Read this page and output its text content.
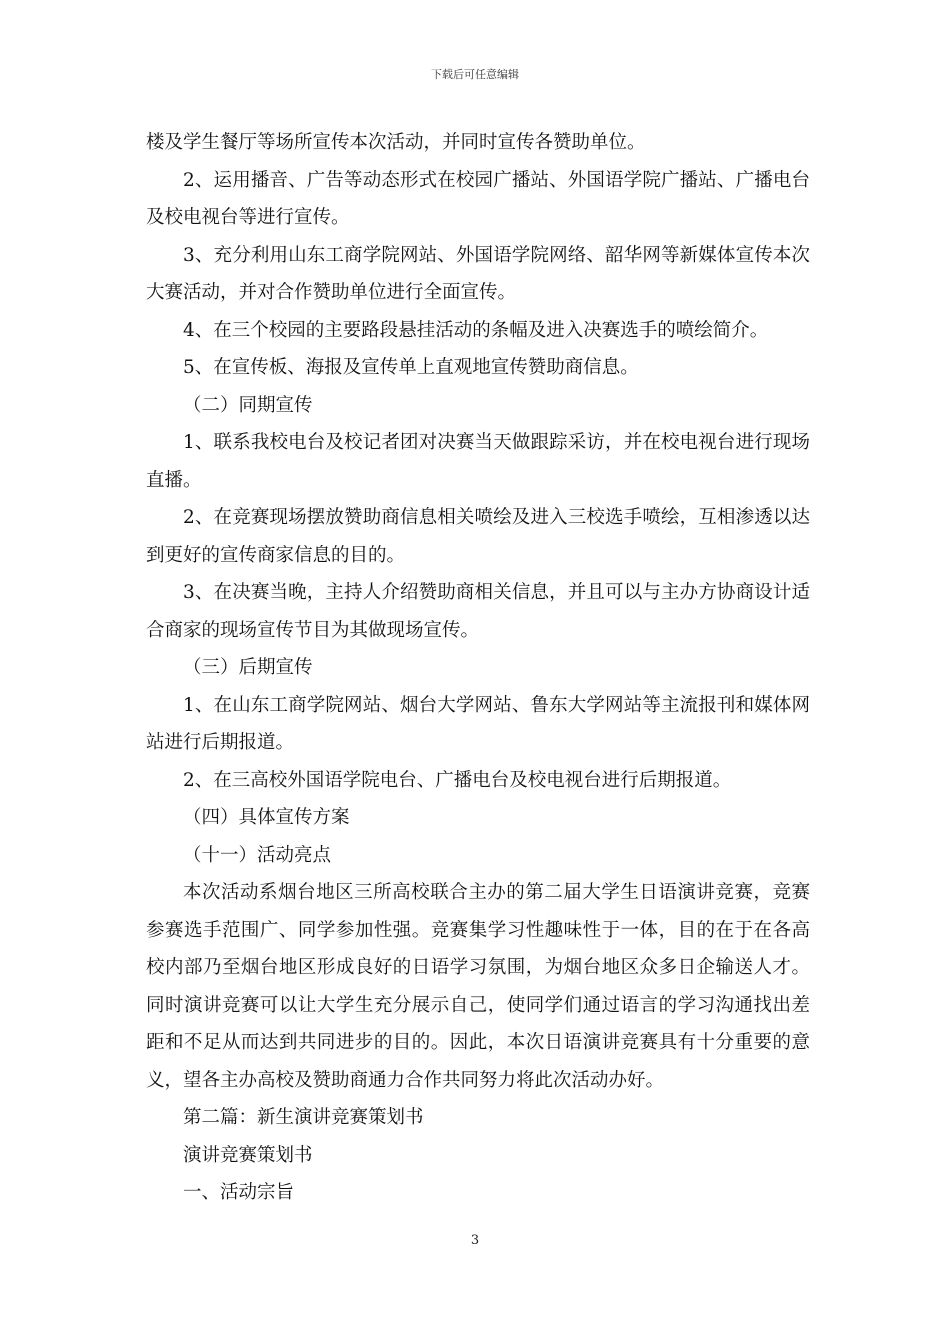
下载后可任意编辑

楼及学生餐厅等场所宣传本次活动，并同时宣传各赞助单位。

2、运用播音、广告等动态形式在校园广播站、外国语学院广播站、广播电台及校电视台等进行宣传。

3、充分利用山东工商学院网站、外国语学院网络、韶华网等新媒体宣传本次大赛活动，并对合作赞助单位进行全面宣传。

4、在三个校园的主要路段悬挂活动的条幅及进入决赛选手的喷绘简介。

5、在宣传板、海报及宣传单上直观地宣传赞助商信息。

（二）同期宣传

1、联系我校电台及校记者团对决赛当天做跟踪采访，并在校电视台进行现场直播。

2、在竞赛现场摆放赞助商信息相关喷绘及进入三校选手喷绘，互相渗透以达到更好的宣传商家信息的目的。

3、在决赛当晚，主持人介绍赞助商相关信息，并且可以与主办方协商设计适合商家的现场宣传节目为其做现场宣传。

（三）后期宣传

1、在山东工商学院网站、烟台大学网站、鲁东大学网站等主流报刊和媒体网站进行后期报道。

2、在三高校外国语学院电台、广播电台及校电视台进行后期报道。

（四）具体宣传方案

（十一）活动亮点

本次活动系烟台地区三所高校联合主办的第二届大学生日语演讲竞赛，竞赛参赛选手范围广、同学参加性强。竞赛集学习性趣味性于一体，目的在于在各高校内部乃至烟台地区形成良好的日语学习氛围，为烟台地区众多日企输送人才。同时演讲竞赛可以让大学生充分展示自己，使同学们通过语言的学习沟通找出差距和不足从而达到共同进步的目的。因此，本次日语演讲竞赛具有十分重要的意义，望各主办高校及赞助商通力合作共同努力将此次活动办好。

第二篇：新生演讲竞赛策划书

演讲竞赛策划书

一、活动宗旨

3
